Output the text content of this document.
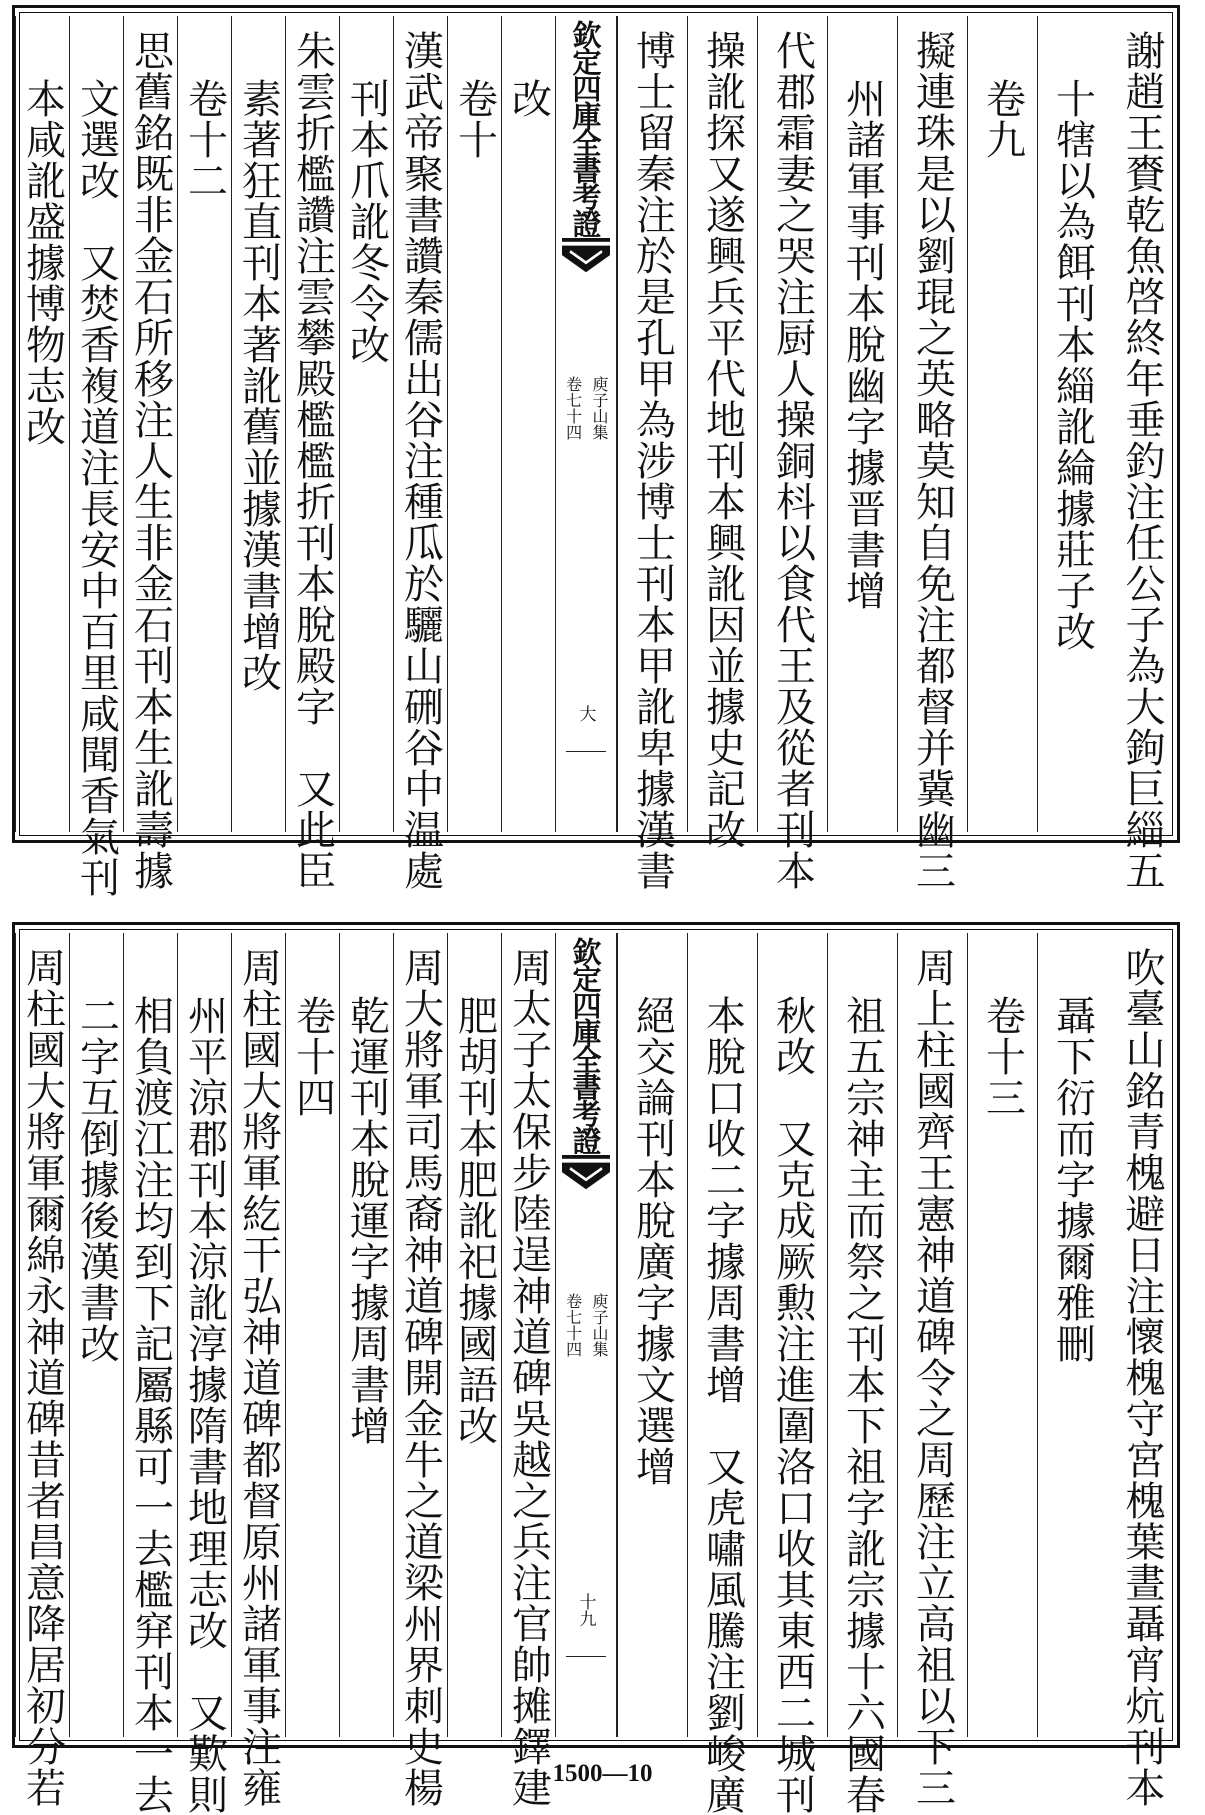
謝趙王賚乾魚啓終年垂釣注任公子為大鉤巨緇五
十犗以為餌刊本緇訛綸據莊子改
卷九
擬連珠是以劉琨之英略莫知自免注都督并冀幽三
州諸軍事刊本脫幽字據晋書增
代郡霜妻之哭注厨人操銅枓以食代王及從者刊本
操訛探又遂興兵平代地刊本興訛因並據史記改
博士留秦注於是孔甲為涉博士刊本甲訛卑據漢書
改
卷十
漢武帝聚書讚秦儒出谷注種瓜於驪山硎谷中温處
刊本爪訛冬令改
朱雲折檻讚注雲攀殿檻檻折刊本脫殿字　又此臣
素著狂直刊本著訛舊並據漢書增改
卷十二
思舊銘既非金石所移注人生非金石刊本生訛壽據
文選改　又焚香複道注長安中百里咸聞香氣刊
本咸訛盛據博物志改	欽定四庫全書考證
庾子山集
卷七十四
大
吹臺山銘青槐避日注懷槐守宮槐葉晝聶宵炕刊本
聶下衍而字據爾雅刪
卷十三
周上柱國齊王憲神道碑令之周歷注立高祖以下三
祖五宗神主而祭之刊本下祖字訛宗據十六國春
秋改　又克成厥勲注進圍洛口收其東西二城刊
本脫口收二字據周書增　又虎嘯風騰注劉峻廣
絕交論刊本脫廣字據文選增
周太子太保步陸逞神道碑吳越之兵注官帥摊鐸建
肥胡刊本肥訛祀據國語改
周大將軍司馬裔神道碑開金牛之道梁州界刺史楊
乾運刊本脫運字據周書增
卷十四
周柱國大將軍紇干弘神道碑都督原州諸軍事注雍
州平涼郡刊本涼訛淳據隋書地理志改　又歎則
相負渡江注均到下記屬縣可一去檻穽刊本一去
二字互倒據後漢書改
周柱國大將軍爾綿永神道碑昔者昌意降居初分若	欽定四庫全書考證
庾子山集
卷七十四
十九
1500—10
